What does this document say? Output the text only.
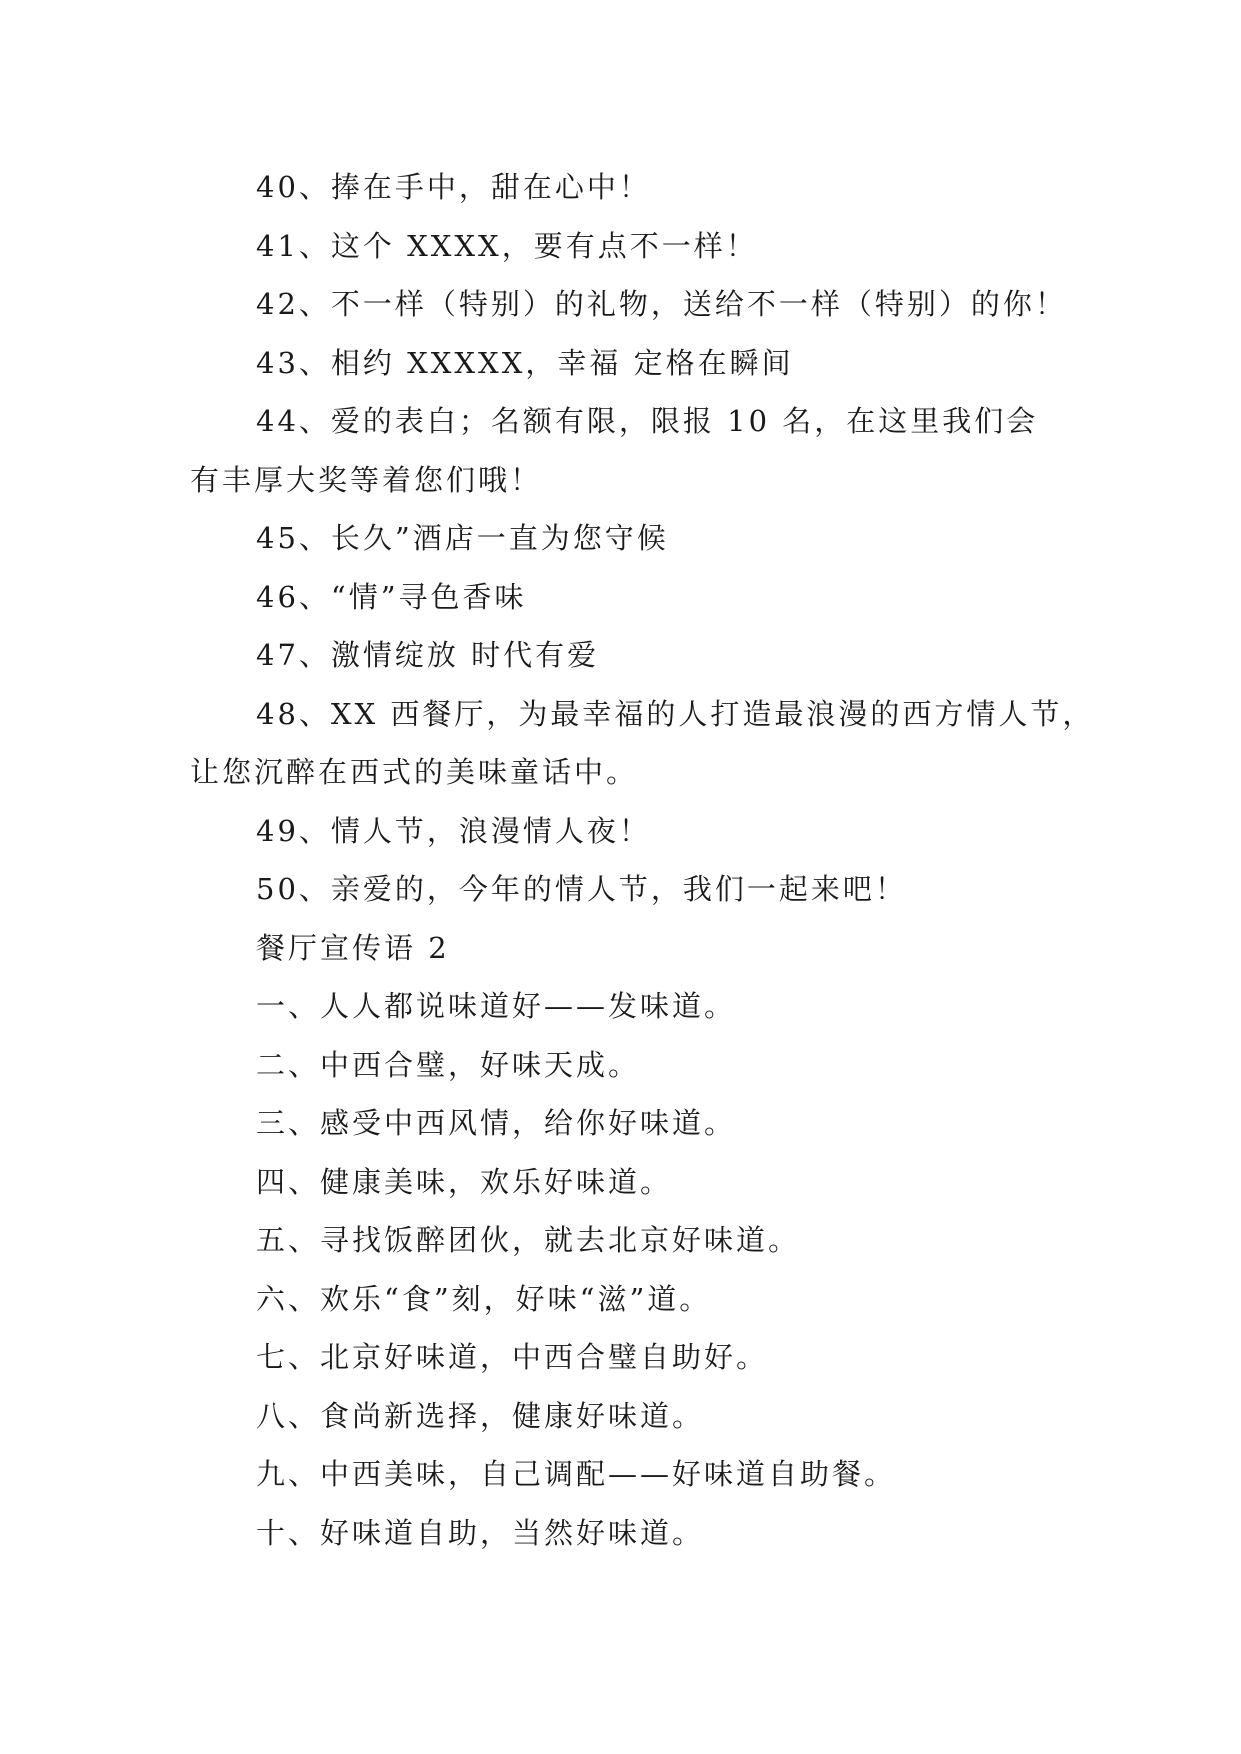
40、捧在手中，甜在心中！
41、这个 XXXX，要有点不一样！
42、不一样（特别）的礼物，送给不一样（特别）的你！
43、相约 XXXXX，幸福 定格在瞬间
44、爱的表白；名额有限，限报 10 名，在这里我们会
有丰厚大奖等着您们哦！
45、长久”酒店一直为您守候
46、“情”寻色香味
47、激情绽放 时代有爱
48、XX 西餐厅，为最幸福的人打造最浪漫的西方情人节，
让您沉醉在西式的美味童话中。
49、情人节，浪漫情人夜！
50、亲爱的，今年的情人节，我们一起来吧！
餐厅宣传语 2
一、人人都说味道好——发味道。
二、中西合璧，好味天成。
三、感受中西风情，给你好味道。
四、健康美味，欢乐好味道。
五、寻找饭醉团伙，就去北京好味道。
六、欢乐“食”刻，好味“滋”道。
七、北京好味道，中西合璧自助好。
八、食尚新选择，健康好味道。
九、中西美味，自己调配——好味道自助餐。
十、好味道自助，当然好味道。
